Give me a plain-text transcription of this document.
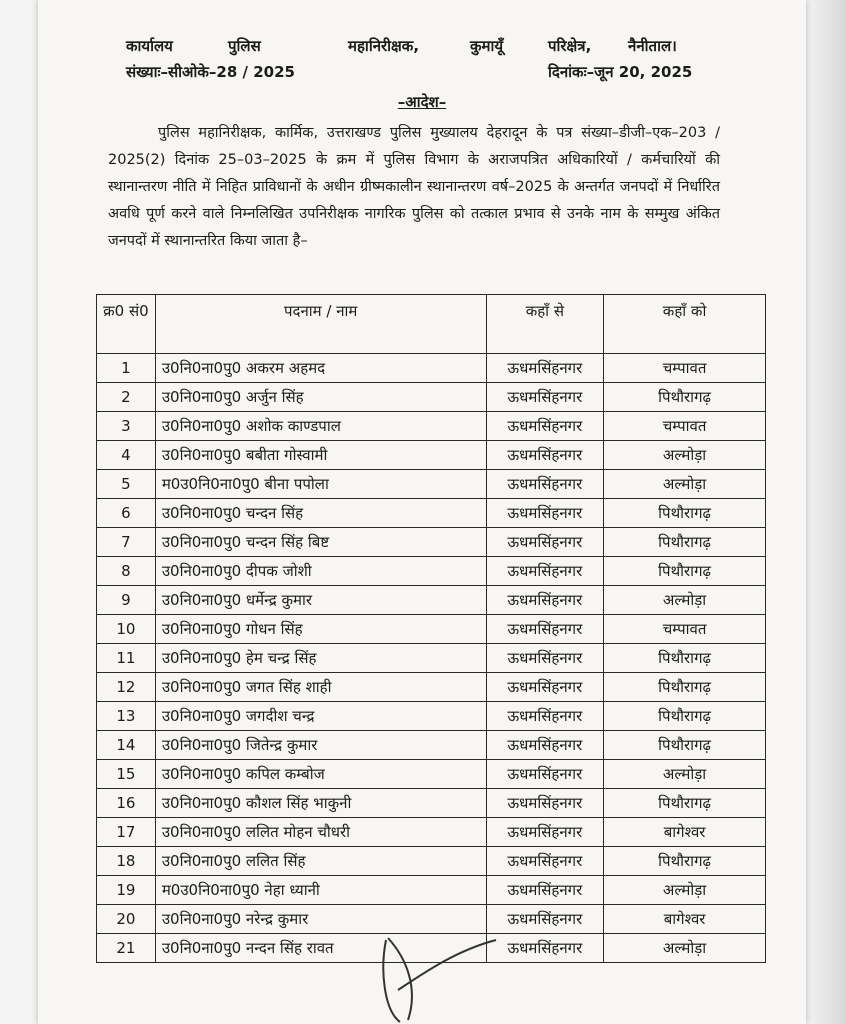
कार्यालय	महानिरीक्षक,	कुमायूँ	परिक्षेत्र, नैनीताल।
पुलिस
संख्याः–सीओके–28 / 2025	दिनांकः–जून 20, 2025
–आदेश–
पुलिस महानिरीक्षक, कार्मिक, उत्तराखण्ड पुलिस मुख्यालय देहरादून के पत्र संख्या–डीजी–एक–203 / 2025(2) दिनांक 25–03–2025 के क्रम में पुलिस विभाग के अराजपत्रित अधिकारियों / कर्मचारियों की स्थानान्तरण नीति में निहित प्राविधानों के अधीन ग्रीष्मकालीन स्थानान्तरण वर्ष–2025 के अन्तर्गत जनपदों में निर्धारित अवधि पूर्ण करने वाले निम्नलिखित उपनिरीक्षक नागरिक पुलिस को तत्काल प्रभाव से उनके नाम के सम्मुख अंकित जनपदों में स्थानान्तरित किया जाता है–
क्र0 सं0	पदनाम / नाम	कहाँ से	कहाँ को
1	उ0नि0ना0पु0 अकरम अहमद	ऊधमसिंहनगर	चम्पावत
2	उ0नि0ना0पु0 अर्जुन सिंह	ऊधमसिंहनगर	पिथौरागढ़
3	उ0नि0ना0पु0 अशोक काण्डपाल	ऊधमसिंहनगर	चम्पावत
4	उ0नि0ना0पु0 बबीता गोस्वामी	ऊधमसिंहनगर	अल्मोड़ा
5	म0उ0नि0ना0पु0 बीना पपोला	ऊधमसिंहनगर	अल्मोड़ा
6	उ0नि0ना0पु0 चन्दन सिंह	ऊधमसिंहनगर	पिथौरागढ़
7	उ0नि0ना0पु0 चन्दन सिंह बिष्ट	ऊधमसिंहनगर	पिथौरागढ़
8	उ0नि0ना0पु0 दीपक जोशी	ऊधमसिंहनगर	पिथौरागढ़
9	उ0नि0ना0पु0 धर्मेन्द्र कुमार	ऊधमसिंहनगर	अल्मोड़ा
10	उ0नि0ना0पु0 गोधन सिंह	ऊधमसिंहनगर	चम्पावत
11	उ0नि0ना0पु0 हेम चन्द्र सिंह	ऊधमसिंहनगर	पिथौरागढ़
12	उ0नि0ना0पु0 जगत सिंह शाही	ऊधमसिंहनगर	पिथौरागढ़
13	उ0नि0ना0पु0 जगदीश चन्द्र	ऊधमसिंहनगर	पिथौरागढ़
14	उ0नि0ना0पु0 जितेन्द्र कुमार	ऊधमसिंहनगर	पिथौरागढ़
15	उ0नि0ना0पु0 कपिल कम्बोज	ऊधमसिंहनगर	अल्मोड़ा
16	उ0नि0ना0पु0 कौशल सिंह भाकुनी	ऊधमसिंहनगर	पिथौरागढ़
17	उ0नि0ना0पु0 ललित मोहन चौधरी	ऊधमसिंहनगर	बागेश्वर
18	उ0नि0ना0पु0 ललित सिंह	ऊधमसिंहनगर	पिथौरागढ़
19	म0उ0नि0ना0पु0 नेहा ध्यानी	ऊधमसिंहनगर	अल्मोड़ा
20	उ0नि0ना0पु0 नरेन्द्र कुमार	ऊधमसिंहनगर	बागेश्वर
21	उ0नि0ना0पु0 नन्दन सिंह रावत	ऊधमसिंहनगर	अल्मोड़ा
